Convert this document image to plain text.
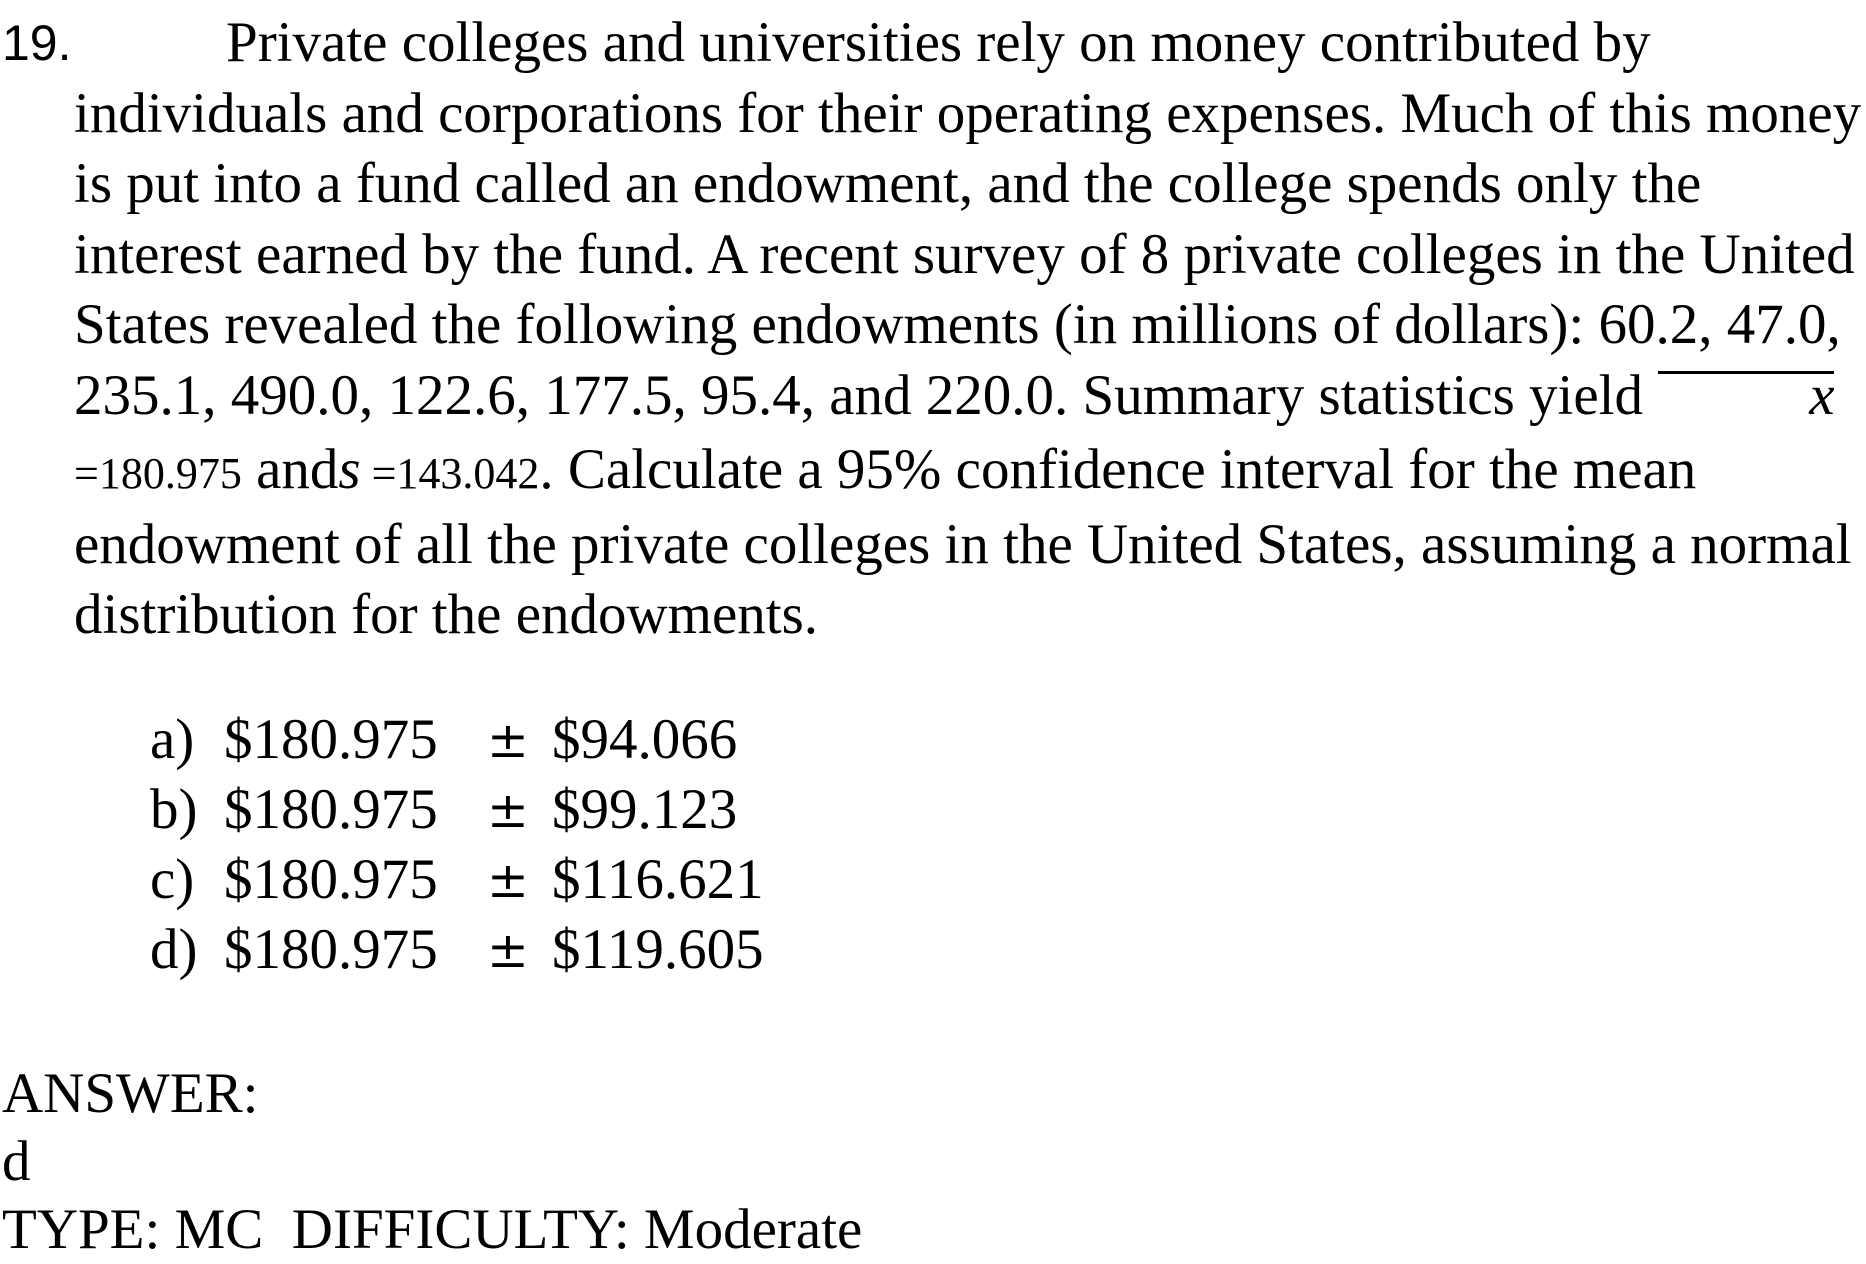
19.	Private colleges and universities rely on money contributed by individuals and corporations for their operating expenses. Much of this money is put into a fund called an endowment, and the college spends only the interest earned by the fund. A recent survey of 8 private colleges in the United States revealed the following endowments (in millions of dollars): 60.2, 47.0, 235.1, 490.0, 122.6, 177.5, 95.4, and 220.0. Summary statistics yield	x =180.975 ands =143.042. Calculate a 95% confidence interval for the mean endowment of all the private colleges in the United States, assuming a normal distribution for the endowments.
a) $180.975 ± $94.066
b) $180.975 ± $99.123
c) $180.975 ± $116.621
d) $180.975 ± $119.605
ANSWER:
d
TYPE: MC DIFFICULTY: Moderate
